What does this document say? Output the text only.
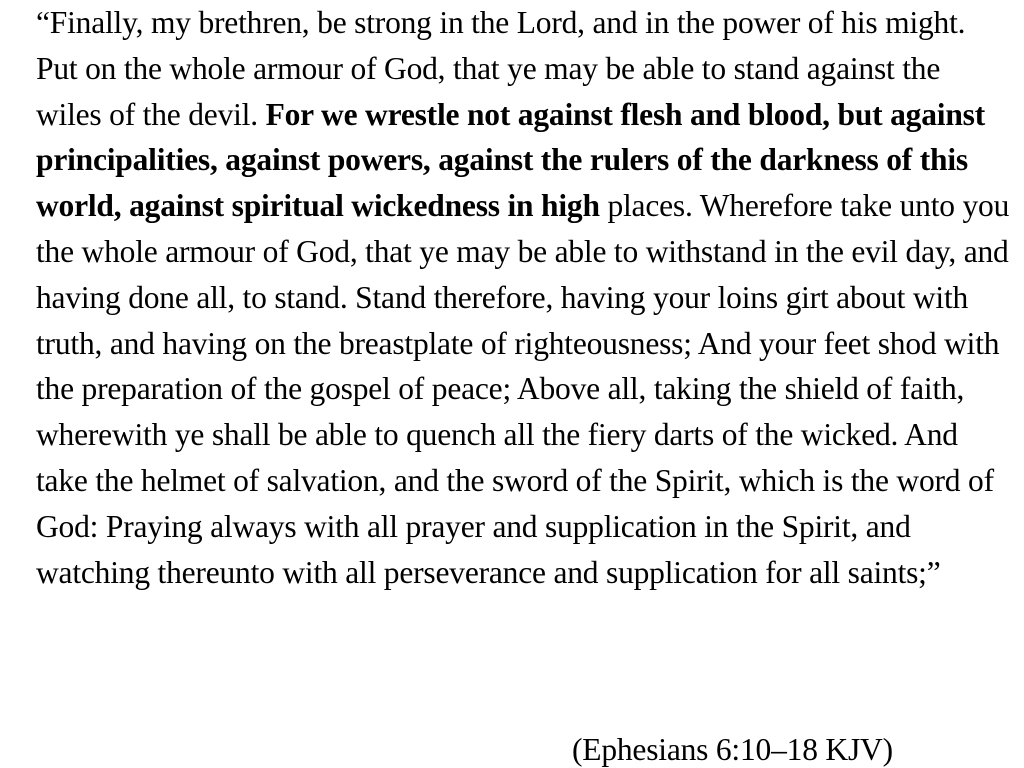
“Finally, my brethren, be strong in the Lord, and in the power of his might. Put on the whole armour of God, that ye may be able to stand against the wiles of the devil. For we wrestle not against flesh and blood, but against principalities, against powers, against the rulers of the darkness of this world, against spiritual wickedness in high places. Wherefore take unto you the whole armour of God, that ye may be able to withstand in the evil day, and having done all, to stand. Stand therefore, having your loins girt about with truth, and having on the breastplate of righteousness; And your feet shod with the preparation of the gospel of peace; Above all, taking the shield of faith, wherewith ye shall be able to quench all the fiery darts of the wicked. And take the helmet of salvation, and the sword of the Spirit, which is the word of God: Praying always with all prayer and supplication in the Spirit, and watching thereunto with all perseverance and supplication for all saints;”

(Ephesians 6:10–18 KJV)
